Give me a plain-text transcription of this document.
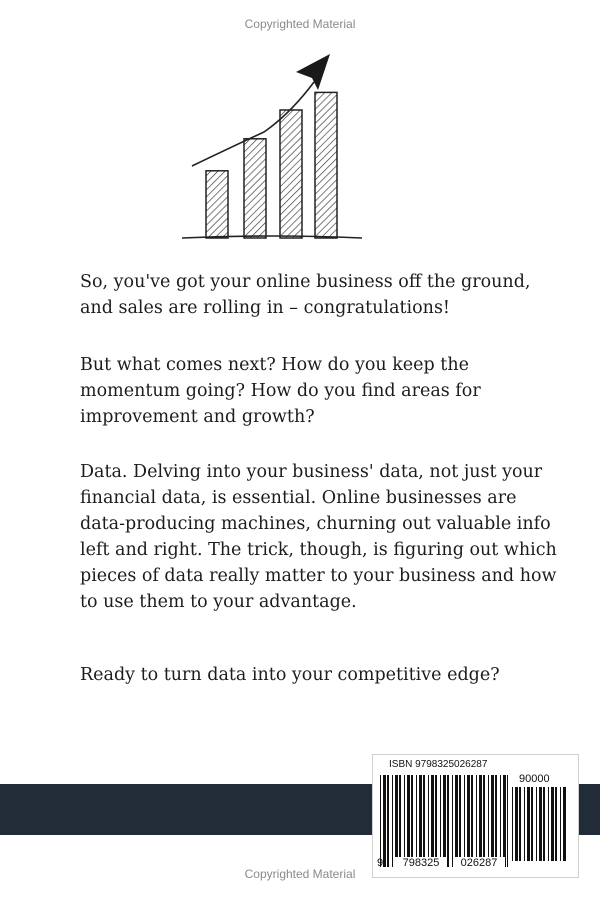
Copyrighted Material

So, you've got your online business off the ground, and sales are rolling in – congratulations!

But what comes next? How do you keep the momentum going? How do you find areas for improvement and growth?

Data. Delving into your business' data, not just your financial data, is essential. Online businesses are data-producing machines, churning out valuable info left and right. The trick, though, is figuring out which pieces of data really matter to your business and how to use them to your advantage.

Ready to turn data into your competitive edge?

ISBN 9798325026287
90000
9	798325	026287
Copyrighted Material
